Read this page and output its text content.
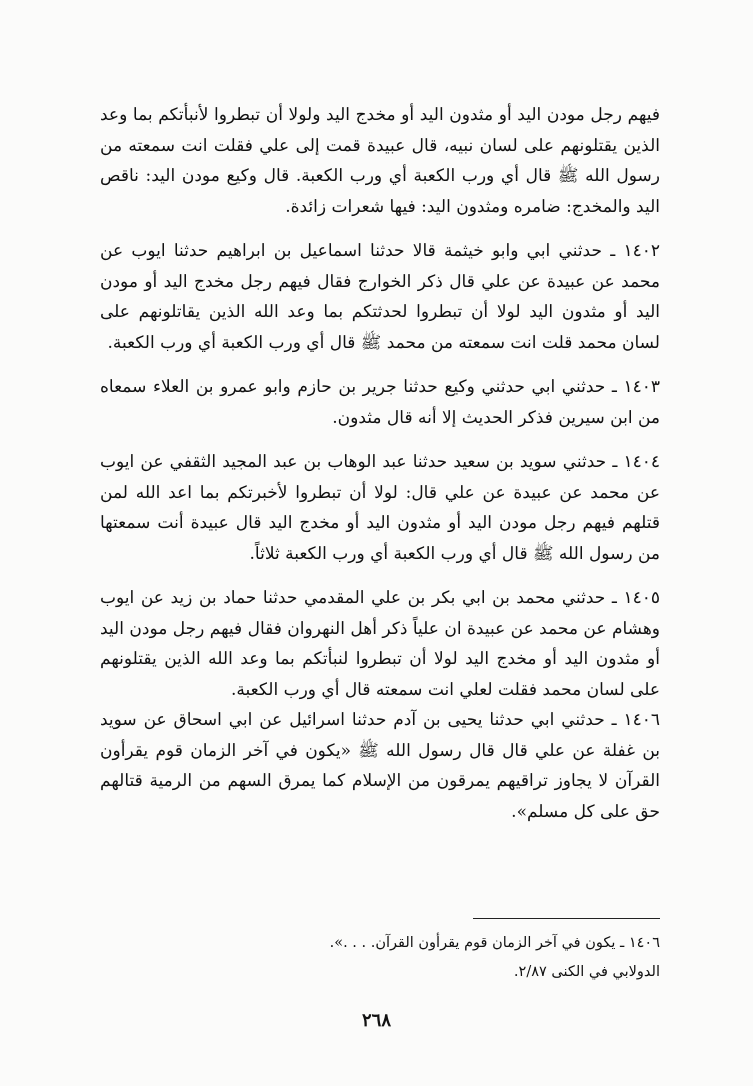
فيهم رجل مودن اليد أو مثدون اليد أو مخدج اليد ولولا أن تبطروا لأنبأتكم بما وعد الذين يقتلونهم على لسان نبيه، قال عبيدة قمت إلى علي فقلت انت سمعته من رسول الله ﷺ قال أي ورب الكعبة أي ورب الكعبة. قال وكيع مودن اليد: ناقص اليد والمخدج: ضامره ومثدون اليد: فيها شعرات زائدة.

١٤٠٢ ـ حدثني ابي وابو خيثمة قالا حدثنا اسماعيل بن ابراهيم حدثنا ايوب عن محمد عن عبيدة عن علي قال ذكر الخوارج فقال فيهم رجل مخدج اليد أو مودن اليد أو مثدون اليد لولا أن تبطروا لحدثتكم بما وعد الله الذين يقاتلونهم على لسان محمد قلت انت سمعته من محمد ﷺ قال أي ورب الكعبة أي ورب الكعبة.

١٤٠٣ ـ حدثني ابي حدثني وكيع حدثنا جرير بن حازم وابو عمرو بن العلاء سمعاه من ابن سيرين فذكر الحديث إلا أنه قال مثدون.

١٤٠٤ ـ حدثني سويد بن سعيد حدثنا عبد الوهاب بن عبد المجيد الثقفي عن ايوب عن محمد عن عبيدة عن علي قال: لولا أن تبطروا لأخبرتكم بما اعد الله لمن قتلهم فيهم رجل مودن اليد أو مثدون اليد أو مخدج اليد قال عبيدة أنت سمعتها من رسول الله ﷺ قال أي ورب الكعبة أي ورب الكعبة ثلاثاً.

١٤٠٥ ـ حدثني محمد بن ابي بكر بن علي المقدمي حدثنا حماد بن زيد عن ايوب وهشام عن محمد عن عبيدة ان علياً ذكر أهل النهروان فقال فيهم رجل مودن اليد أو مثدون اليد أو مخدج اليد لولا أن تبطروا لنبأتكم بما وعد الله الذين يقتلونهم على لسان محمد فقلت لعلي انت سمعته قال أي ورب الكعبة.

١٤٠٦ ـ حدثني ابي حدثنا يحيى بن آدم حدثنا اسرائيل عن ابي اسحاق عن سويد بن غفلة عن علي قال قال رسول الله ﷺ «يكون في آخر الزمان قوم يقرأون القرآن لا يجاوز تراقيهم يمرقون من الإسلام كما يمرق السهم من الرمية قتالهم حق على كل مسلم».

١٤٠٦ ـ يكون في آخر الزمان قوم يقرأون القرآن. . . .».

الدولابي في الكنى ٢/٨٧.

٢٦٨
